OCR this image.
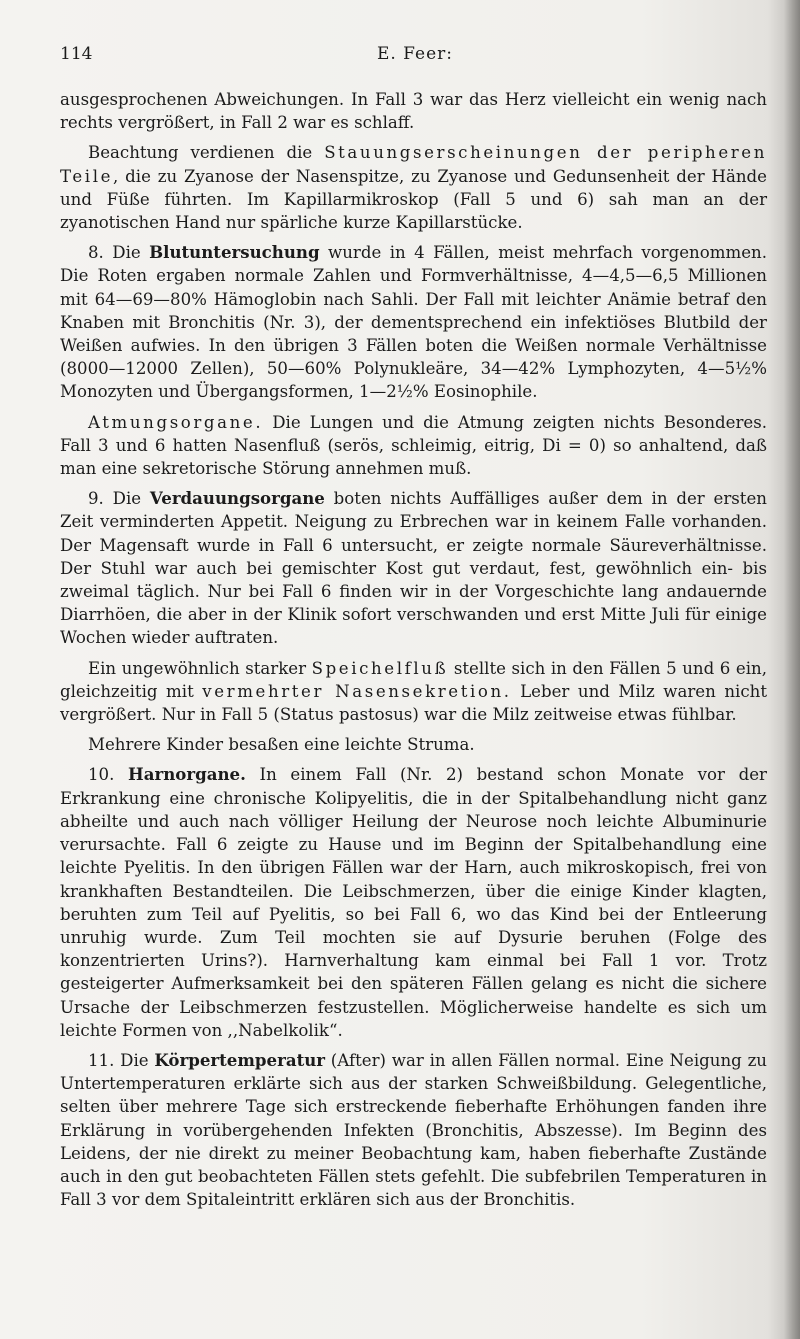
114	E. Feer:

ausgesprochenen Abweichungen. In Fall 3 war das Herz vielleicht ein wenig nach rechts vergrößert, in Fall 2 war es schlaff.

Beachtung verdienen die Stauungserscheinungen der peripheren Teile, die zu Zyanose der Nasenspitze, zu Zyanose und Gedunsenheit der Hände und Füße führten. Im Kapillarmikroskop (Fall 5 und 6) sah man an der zyanotischen Hand nur spärliche kurze Kapillarstücke.

8. Die Blutuntersuchung wurde in 4 Fällen, meist mehrfach vorgenommen. Die Roten ergaben normale Zahlen und Formverhältnisse, 4—4,5—6,5 Millionen mit 64—69—80% Hämoglobin nach Sahli. Der Fall mit leichter Anämie betraf den Knaben mit Bronchitis (Nr. 3), der dementsprechend ein infektiöses Blutbild der Weißen aufwies. In den übrigen 3 Fällen boten die Weißen normale Verhältnisse (8000—12000 Zellen), 50—60% Polynukleäre, 34—42% Lymphozyten, 4—5½% Monozyten und Übergangsformen, 1—2½% Eosinophile.

Atmungsorgane. Die Lungen und die Atmung zeigten nichts Besonderes. Fall 3 und 6 hatten Nasenfluß (serös, schleimig, eitrig, Di = 0) so anhaltend, daß man eine sekretorische Störung annehmen muß.

9. Die Verdauungsorgane boten nichts Auffälliges außer dem in der ersten Zeit verminderten Appetit. Neigung zu Erbrechen war in keinem Falle vorhanden. Der Magensaft wurde in Fall 6 untersucht, er zeigte normale Säureverhältnisse. Der Stuhl war auch bei gemischter Kost gut verdaut, fest, gewöhnlich ein- bis zweimal täglich. Nur bei Fall 6 finden wir in der Vorgeschichte lang andauernde Diarrhöen, die aber in der Klinik sofort verschwanden und erst Mitte Juli für einige Wochen wieder auftraten.

Ein ungewöhnlich starker Speichelfluß stellte sich in den Fällen 5 und 6 ein, gleichzeitig mit vermehrter Nasensekretion. Leber und Milz waren nicht vergrößert. Nur in Fall 5 (Status pastosus) war die Milz zeitweise etwas fühlbar.

Mehrere Kinder besaßen eine leichte Struma.

10. Harnorgane. In einem Fall (Nr. 2) bestand schon Monate vor der Erkrankung eine chronische Kolipyelitis, die in der Spitalbehandlung nicht ganz abheilte und auch nach völliger Heilung der Neurose noch leichte Albuminurie verursachte. Fall 6 zeigte zu Hause und im Beginn der Spitalbehandlung eine leichte Pyelitis. In den übrigen Fällen war der Harn, auch mikroskopisch, frei von krankhaften Bestandteilen. Die Leibschmerzen, über die einige Kinder klagten, beruhten zum Teil auf Pyelitis, so bei Fall 6, wo das Kind bei der Entleerung unruhig wurde. Zum Teil mochten sie auf Dysurie beruhen (Folge des konzentrierten Urins?). Harnverhaltung kam einmal bei Fall 1 vor. Trotz gesteigerter Aufmerksamkeit bei den späteren Fällen gelang es nicht die sichere Ursache der Leibschmerzen festzustellen. Möglicherweise handelte es sich um leichte Formen von ,,Nabelkolik“.

11. Die Körpertemperatur (After) war in allen Fällen normal. Eine Neigung zu Untertemperaturen erklärte sich aus der starken Schweißbildung. Gelegentliche, selten über mehrere Tage sich erstreckende fieberhafte Erhöhungen fanden ihre Erklärung in vorübergehenden Infekten (Bronchitis, Abszesse). Im Beginn des Leidens, der nie direkt zu meiner Beobachtung kam, haben fieberhafte Zustände auch in den gut beobachteten Fällen stets gefehlt. Die subfebrilen Temperaturen in Fall 3 vor dem Spitaleintritt erklären sich aus der Bronchitis.
